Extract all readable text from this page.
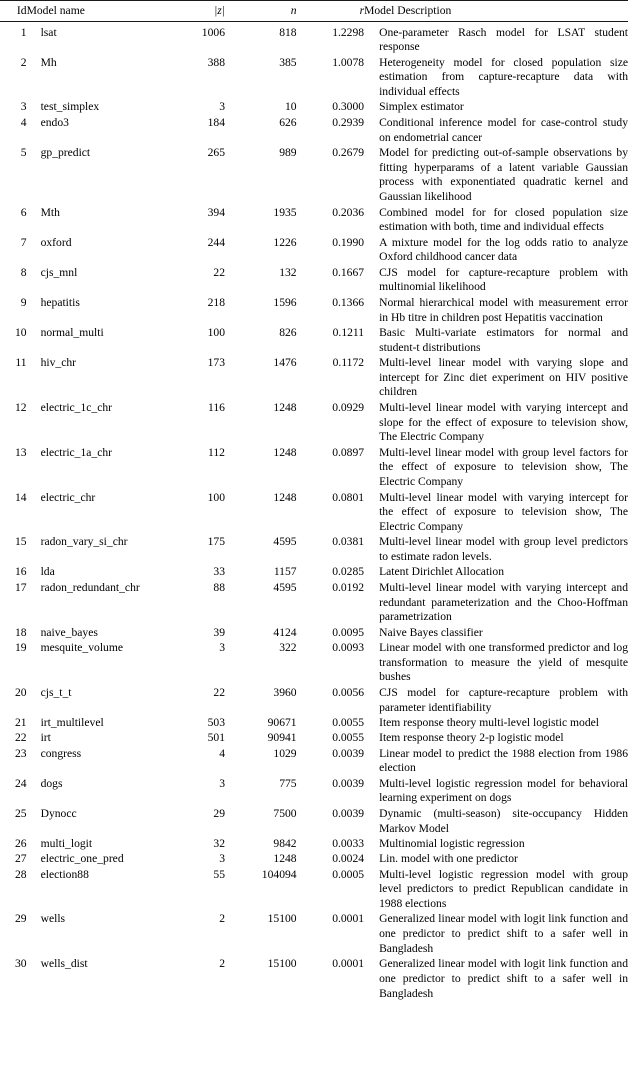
Id	Model name	|z|	n	r	Model Description
1	lsat	1006	818	1.2298	One-parameter Rasch model for LSAT student response
2	Mh	388	385	1.0078	Heterogeneity model for closed population size estimation from capture-recapture data with individual effects
3	test_simplex	3	10	0.3000	Simplex estimator
4	endo3	184	626	0.2939	Conditional inference model for case-control study on endometrial cancer
5	gp_predict	265	989	0.2679	Model for predicting out-of-sample observations by fitting hyperparams of a latent variable Gaussian process with exponentiated quadratic kernel and Gaussian likelihood
6	Mth	394	1935	0.2036	Combined model for for closed population size estimation with both, time and individual effects
7	oxford	244	1226	0.1990	A mixture model for the log odds ratio to analyze Oxford childhood cancer data
8	cjs_mnl	22	132	0.1667	CJS model for capture-recapture problem with multinomial likelihood
9	hepatitis	218	1596	0.1366	Normal hierarchical model with measurement error in Hb titre in children post Hepatitis vaccination
10	normal_multi	100	826	0.1211	Basic Multi-variate estimators for normal and student-t distributions
11	hiv_chr	173	1476	0.1172	Multi-level linear model with varying slope and intercept for Zinc diet experiment on HIV positive children
12	electric_1c_chr	116	1248	0.0929	Multi-level linear model with varying intercept and slope for the effect of exposure to television show, The Electric Company
13	electric_1a_chr	112	1248	0.0897	Multi-level linear model with group level factors for the effect of exposure to television show, The Electric Company
14	electric_chr	100	1248	0.0801	Multi-level linear model with varying intercept for the effect of exposure to television show, The Electric Company
15	radon_vary_si_chr	175	4595	0.0381	Multi-level linear model with group level predictors to estimate radon levels.
16	lda	33	1157	0.0285	Latent Dirichlet Allocation
17	radon_redundant_chr	88	4595	0.0192	Multi-level linear model with varying intercept and redundant parameterization and the Choo-Hoffman parametrization
18	naive_bayes	39	4124	0.0095	Naive Bayes classifier
19	mesquite_volume	3	322	0.0093	Linear model with one transformed predictor and log transformation to measure the yield of mesquite bushes
20	cjs_t_t	22	3960	0.0056	CJS model for capture-recapture problem with parameter identifiability
21	irt_multilevel	503	90671	0.0055	Item response theory multi-level logistic model
22	irt	501	90941	0.0055	Item response theory 2-p logistic model
23	congress	4	1029	0.0039	Linear model to predict the 1988 election from 1986 election
24	dogs	3	775	0.0039	Multi-level logistic regression model for behavioral learning experiment on dogs
25	Dynocc	29	7500	0.0039	Dynamic (multi-season) site-occupancy Hidden Markov Model
26	multi_logit	32	9842	0.0033	Multinomial logistic regression
27	electric_one_pred	3	1248	0.0024	Lin. model with one predictor
28	election88	55	104094	0.0005	Multi-level logistic regression model with group level predictors to predict Republican candidate in 1988 elections
29	wells	2	15100	0.0001	Generalized linear model with logit link function and one predictor to predict shift to a safer well in Bangladesh
30	wells_dist	2	15100	0.0001	Generalized linear model with logit link function and one predictor to predict shift to a safer well in Bangladesh
